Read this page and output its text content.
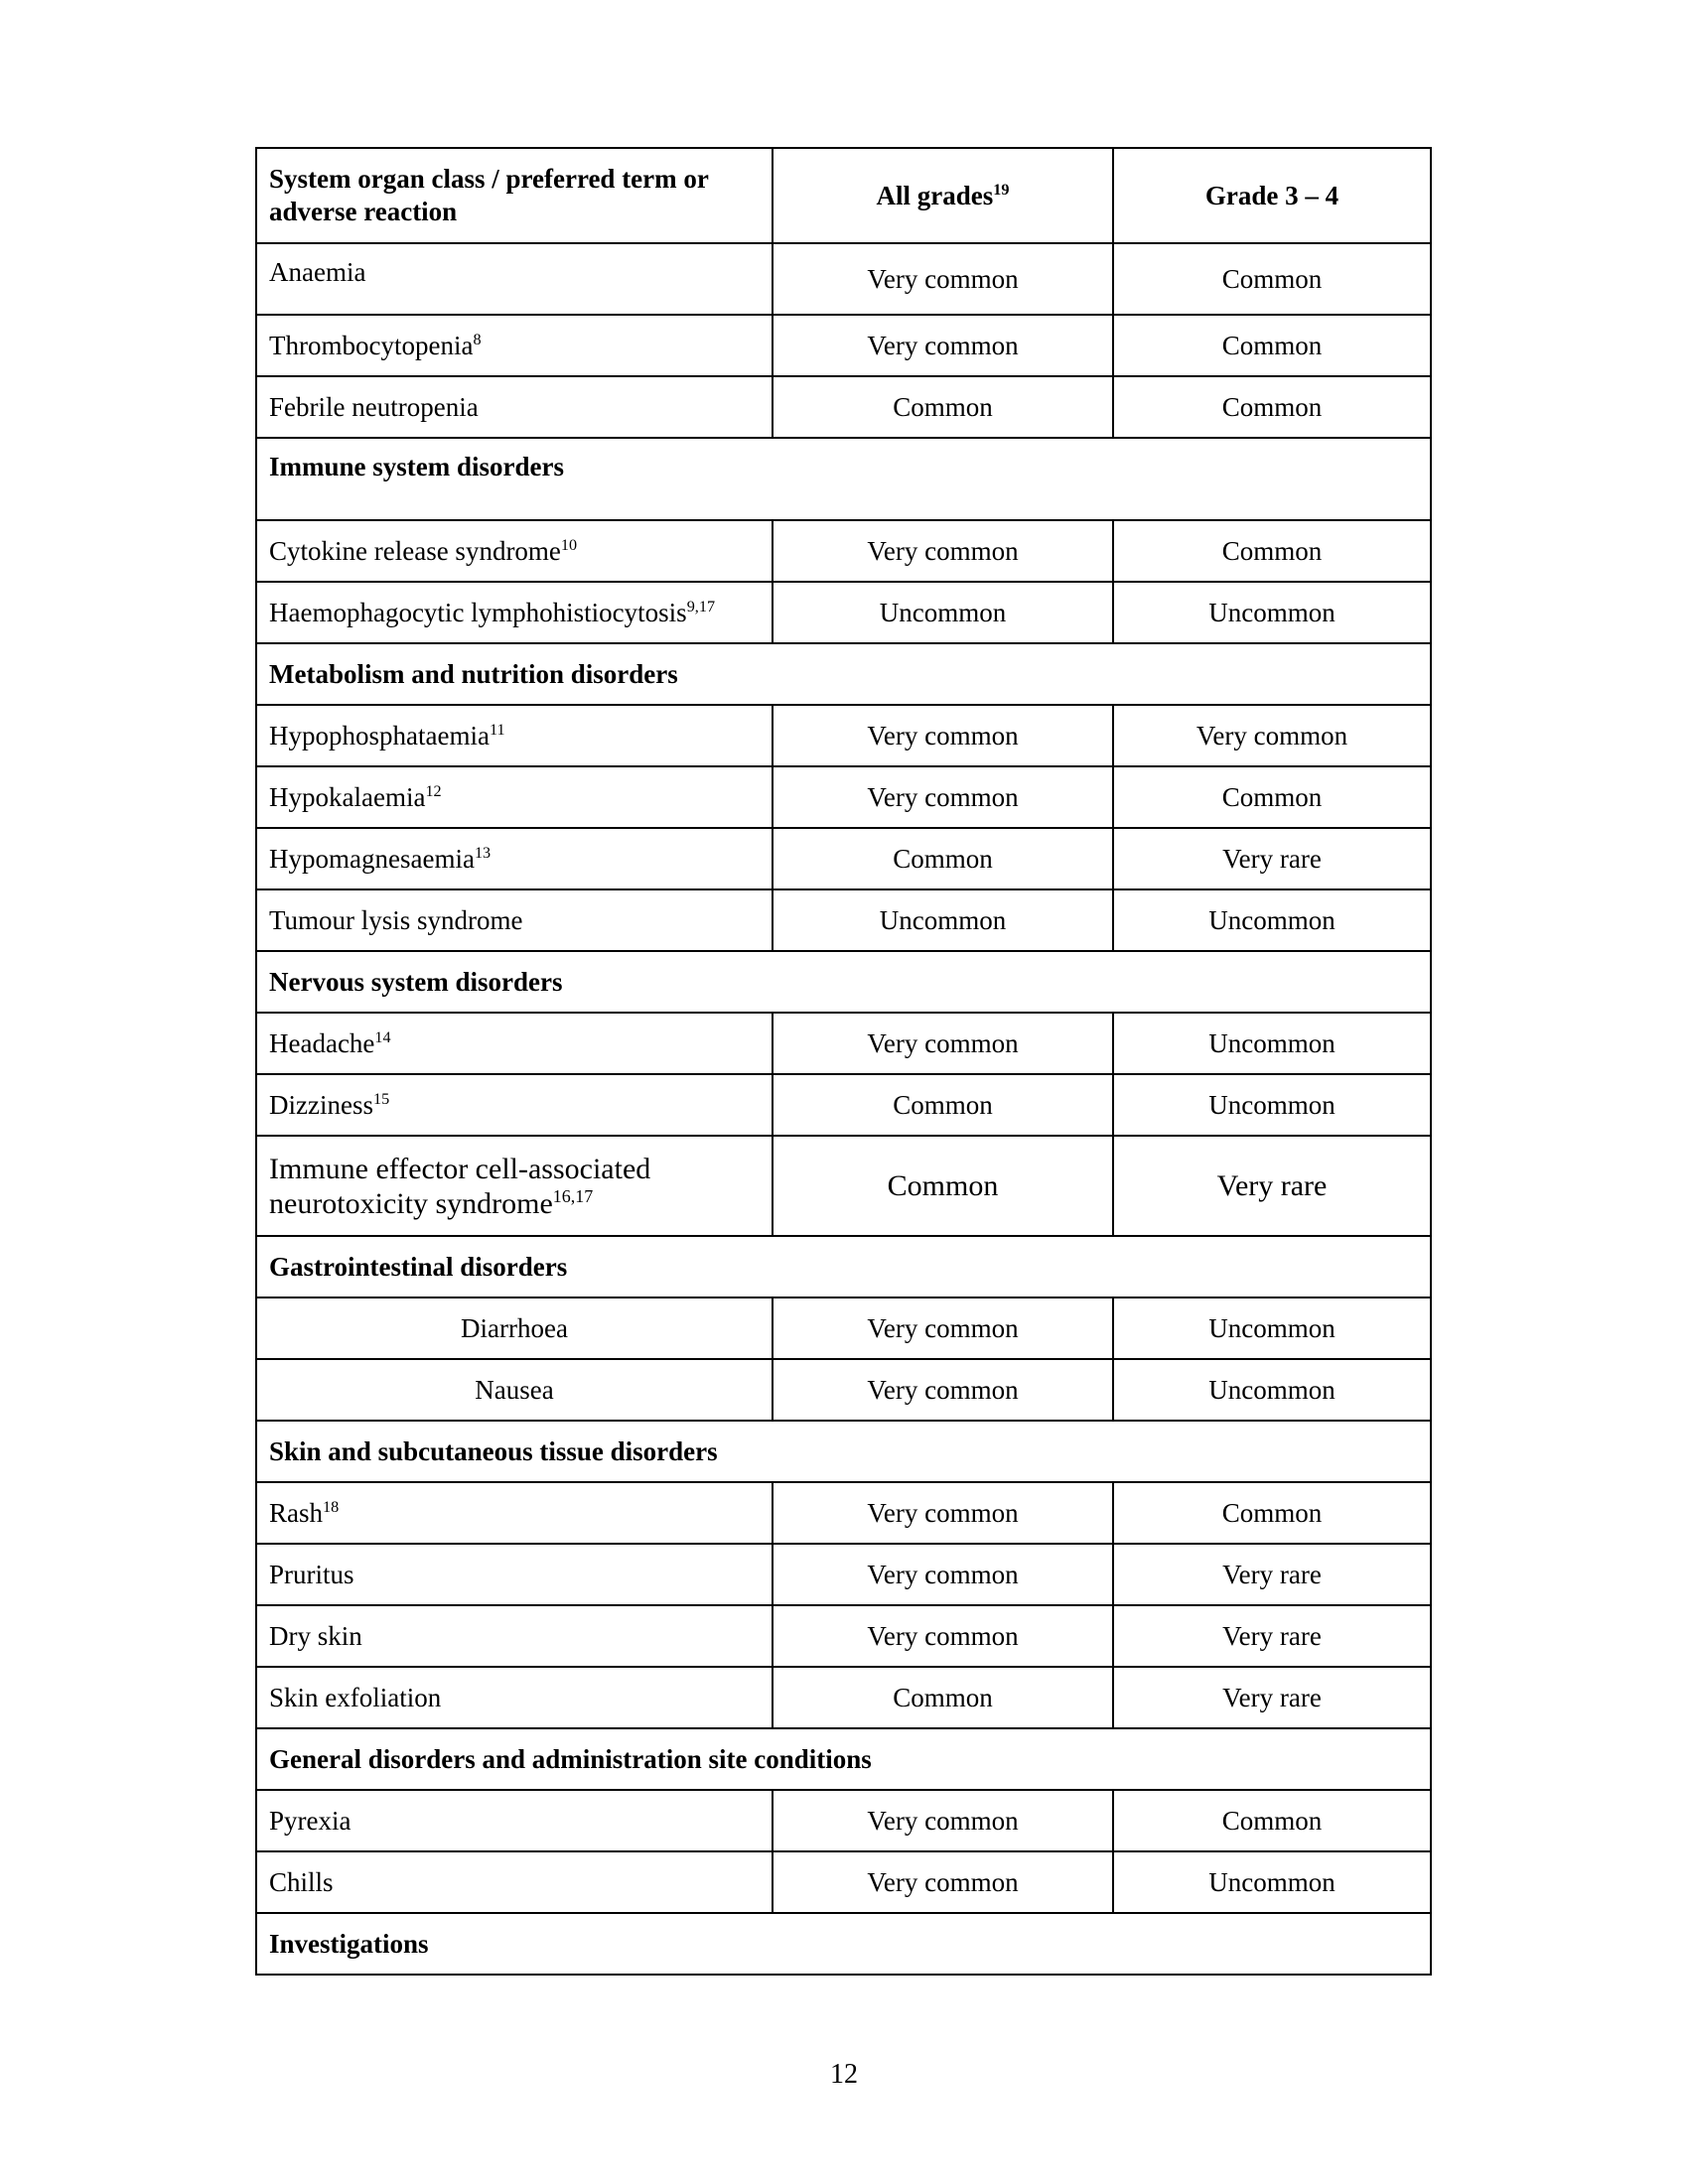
System organ class / preferred term or adverse reaction	All grades$^{19}$	Grade 3 – 4
Anaemia	Very common	Common
Thrombocytopenia$^8$	Very common	Common
Febrile neutropenia	Common	Common
Immune system disorders		
Cytokine release syndrome$^{10}$	Very common	Common
Haemophagocytic lymphohistiocytosis$^{9,17}$	Uncommon	Uncommon
Metabolism and nutrition disorders		
Hypophosphataemia$^{11}$	Very common	Very common
Hypokalaemia$^{12}$	Very common	Common
Hypomagnesaemia$^{13}$	Common	Very rare
Tumour lysis syndrome	Uncommon	Uncommon
Nervous system disorders		
Headache$^{14}$	Very common	Uncommon
Dizziness$^{15}$	Common	Uncommon
Immune effector cell-associated neurotoxicity syndrome$^{16,17}$	Common	Very rare
Gastrointestinal disorders		
Diarrhoea	Very common	Uncommon
Nausea	Very common	Uncommon
Skin and subcutaneous tissue disorders		
Rash$^{18}$	Very common	Common
Pruritus	Very common	Very rare
Dry skin	Very common	Very rare
Skin exfoliation	Common	Very rare
General disorders and administration site conditions		
Pyrexia	Very common	Common
Chills	Very common	Uncommon
Investigations		
12
